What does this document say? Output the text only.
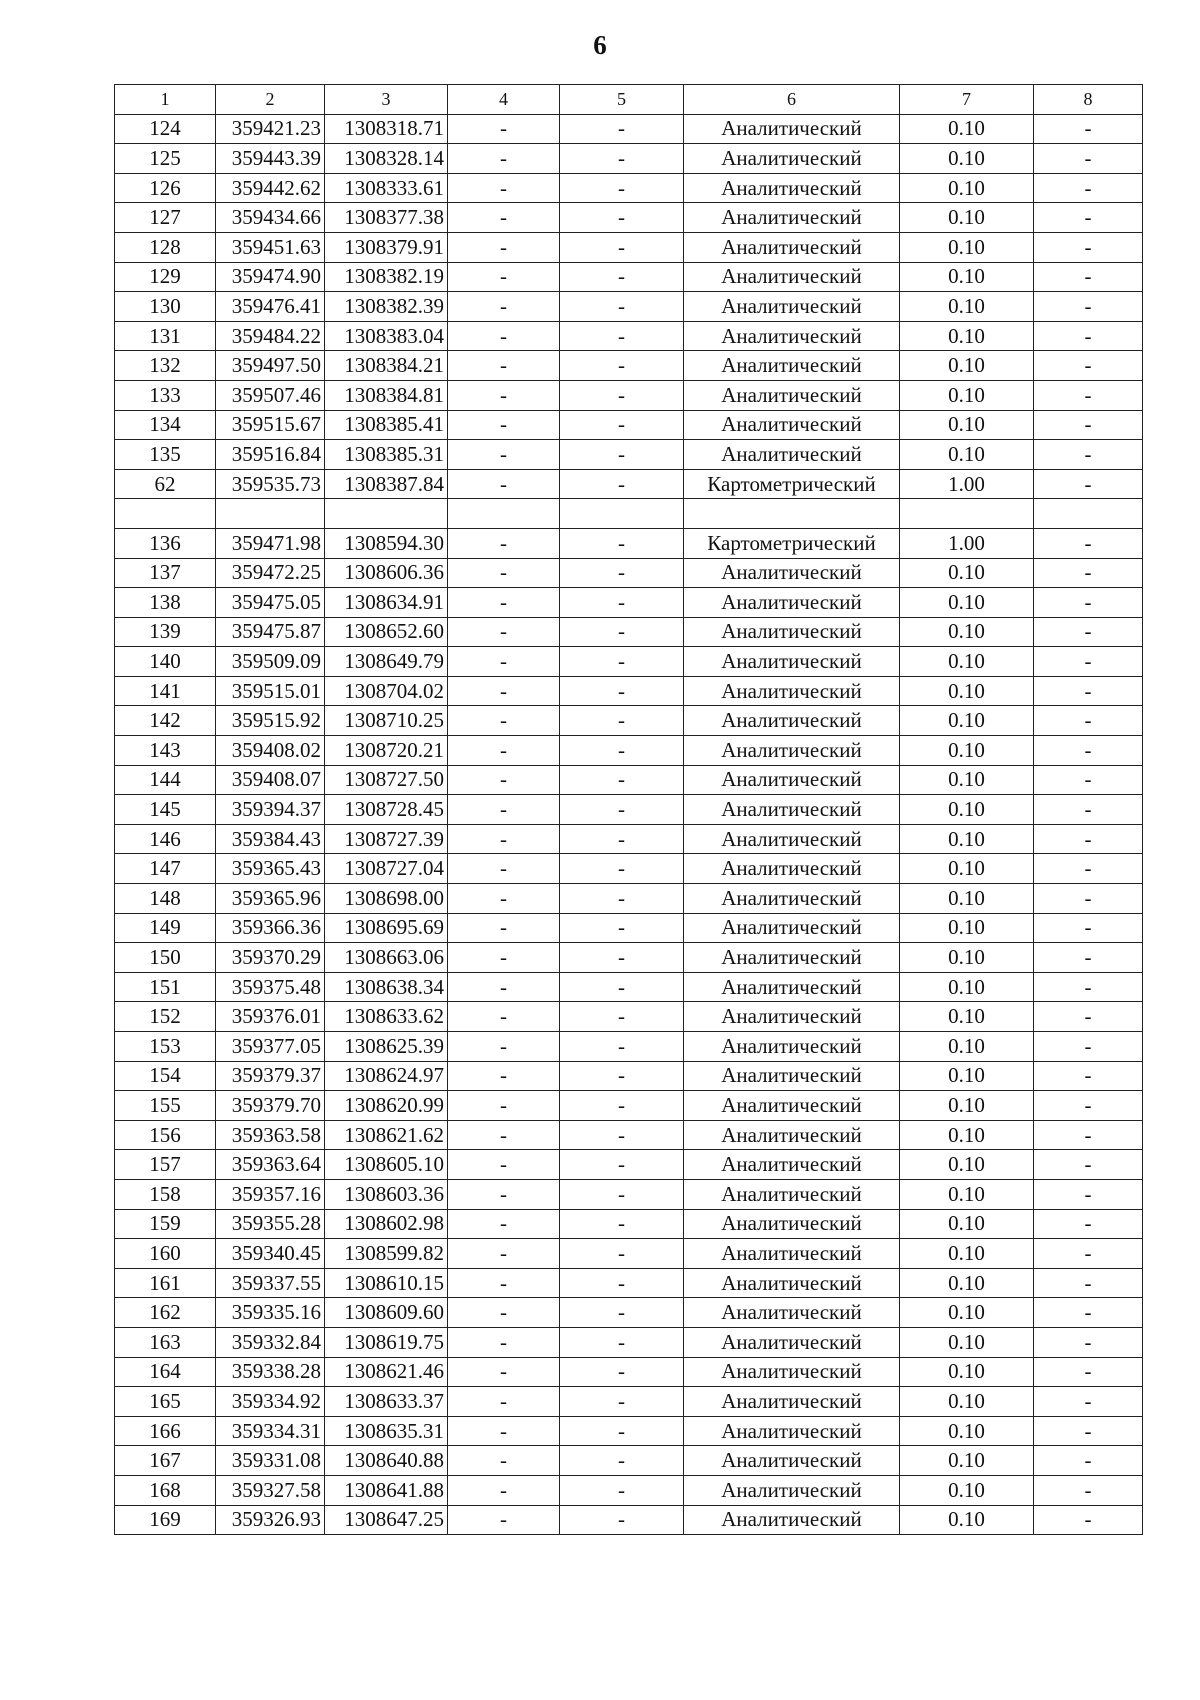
6
1	2	3	4	5	6	7	8
124	359421.23	1308318.71	-	-	Аналитический	0.10	-
125	359443.39	1308328.14	-	-	Аналитический	0.10	-
126	359442.62	1308333.61	-	-	Аналитический	0.10	-
127	359434.66	1308377.38	-	-	Аналитический	0.10	-
128	359451.63	1308379.91	-	-	Аналитический	0.10	-
129	359474.90	1308382.19	-	-	Аналитический	0.10	-
130	359476.41	1308382.39	-	-	Аналитический	0.10	-
131	359484.22	1308383.04	-	-	Аналитический	0.10	-
132	359497.50	1308384.21	-	-	Аналитический	0.10	-
133	359507.46	1308384.81	-	-	Аналитический	0.10	-
134	359515.67	1308385.41	-	-	Аналитический	0.10	-
135	359516.84	1308385.31	-	-	Аналитический	0.10	-
62	359535.73	1308387.84	-	-	Картометрический	1.00	-

136	359471.98	1308594.30	-	-	Картометрический	1.00	-
137	359472.25	1308606.36	-	-	Аналитический	0.10	-
138	359475.05	1308634.91	-	-	Аналитический	0.10	-
139	359475.87	1308652.60	-	-	Аналитический	0.10	-
140	359509.09	1308649.79	-	-	Аналитический	0.10	-
141	359515.01	1308704.02	-	-	Аналитический	0.10	-
142	359515.92	1308710.25	-	-	Аналитический	0.10	-
143	359408.02	1308720.21	-	-	Аналитический	0.10	-
144	359408.07	1308727.50	-	-	Аналитический	0.10	-
145	359394.37	1308728.45	-	-	Аналитический	0.10	-
146	359384.43	1308727.39	-	-	Аналитический	0.10	-
147	359365.43	1308727.04	-	-	Аналитический	0.10	-
148	359365.96	1308698.00	-	-	Аналитический	0.10	-
149	359366.36	1308695.69	-	-	Аналитический	0.10	-
150	359370.29	1308663.06	-	-	Аналитический	0.10	-
151	359375.48	1308638.34	-	-	Аналитический	0.10	-
152	359376.01	1308633.62	-	-	Аналитический	0.10	-
153	359377.05	1308625.39	-	-	Аналитический	0.10	-
154	359379.37	1308624.97	-	-	Аналитический	0.10	-
155	359379.70	1308620.99	-	-	Аналитический	0.10	-
156	359363.58	1308621.62	-	-	Аналитический	0.10	-
157	359363.64	1308605.10	-	-	Аналитический	0.10	-
158	359357.16	1308603.36	-	-	Аналитический	0.10	-
159	359355.28	1308602.98	-	-	Аналитический	0.10	-
160	359340.45	1308599.82	-	-	Аналитический	0.10	-
161	359337.55	1308610.15	-	-	Аналитический	0.10	-
162	359335.16	1308609.60	-	-	Аналитический	0.10	-
163	359332.84	1308619.75	-	-	Аналитический	0.10	-
164	359338.28	1308621.46	-	-	Аналитический	0.10	-
165	359334.92	1308633.37	-	-	Аналитический	0.10	-
166	359334.31	1308635.31	-	-	Аналитический	0.10	-
167	359331.08	1308640.88	-	-	Аналитический	0.10	-
168	359327.58	1308641.88	-	-	Аналитический	0.10	-
169	359326.93	1308647.25	-	-	Аналитический	0.10	-
